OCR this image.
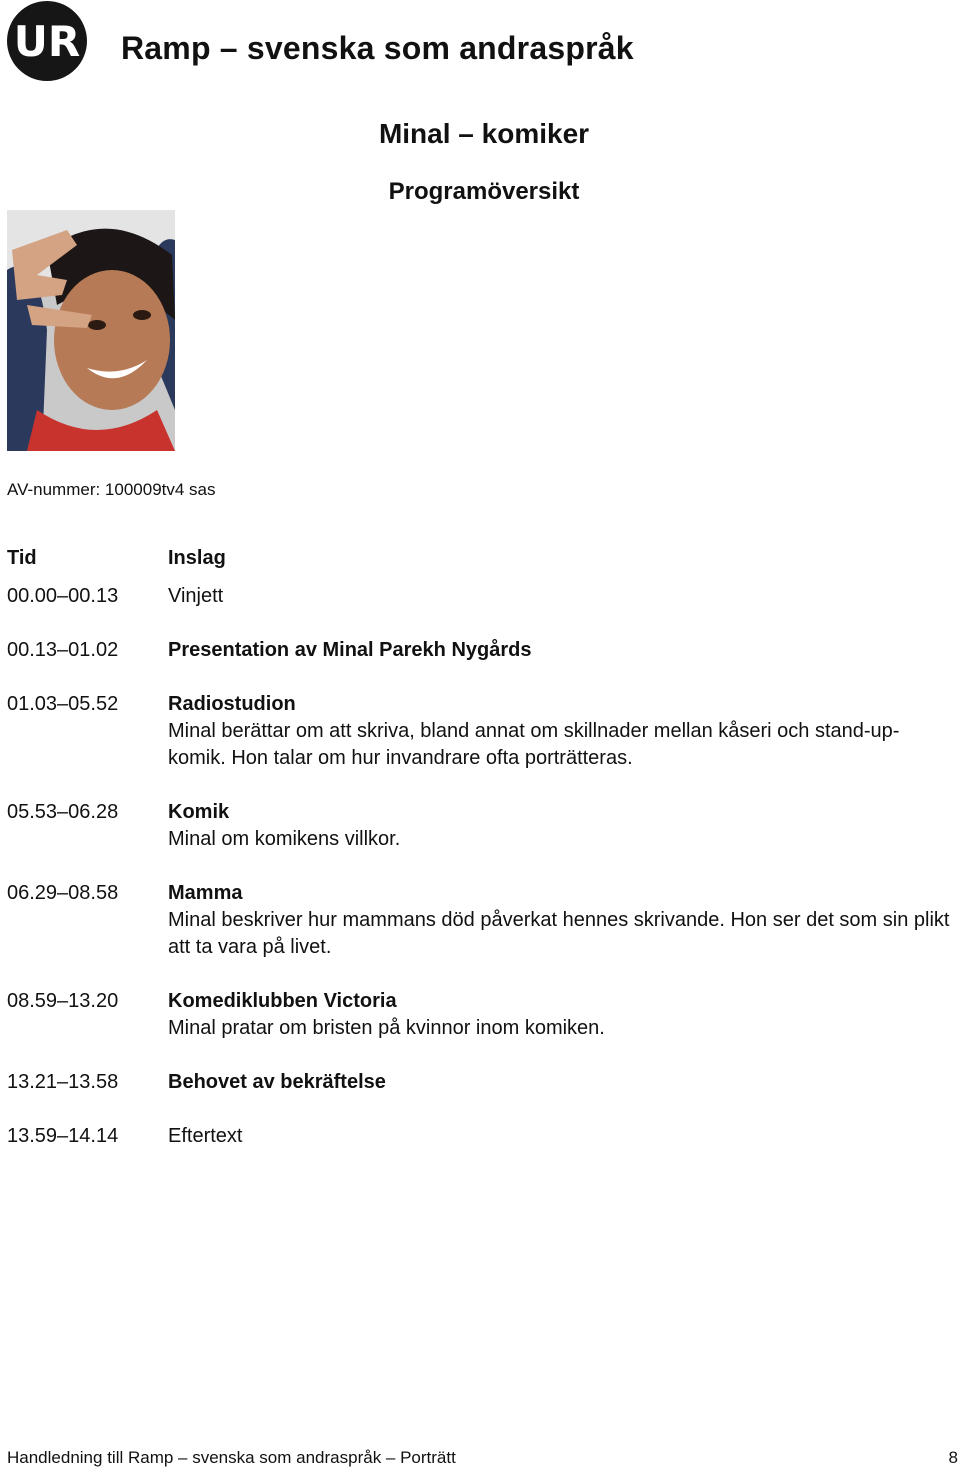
UR Ramp – svenska som andraspråk
Minal – komiker
Programöversikt
AV-nummer: 100009tv4 sas
Tid	Inslag
00.00–00.13	Vinjett
00.13–01.02	Presentation av Minal Parekh Nygårds
01.03–05.52	Radiostudion
Minal berättar om att skriva, bland annat om skillnader mellan kåseri och stand-up-komik. Hon talar om hur invandrare ofta porträtteras.
05.53–06.28	Komik
Minal om komikens villkor.
06.29–08.58	Mamma
Minal beskriver hur mammans död påverkat hennes skrivande. Hon ser det som sin plikt att ta vara på livet.
08.59–13.20	Komediklubben Victoria
Minal pratar om bristen på kvinnor inom komiken.
13.21–13.58	Behovet av bekräftelse
13.59–14.14	Eftertext
Handledning till Ramp – svenska som andraspråk – Porträtt	8
